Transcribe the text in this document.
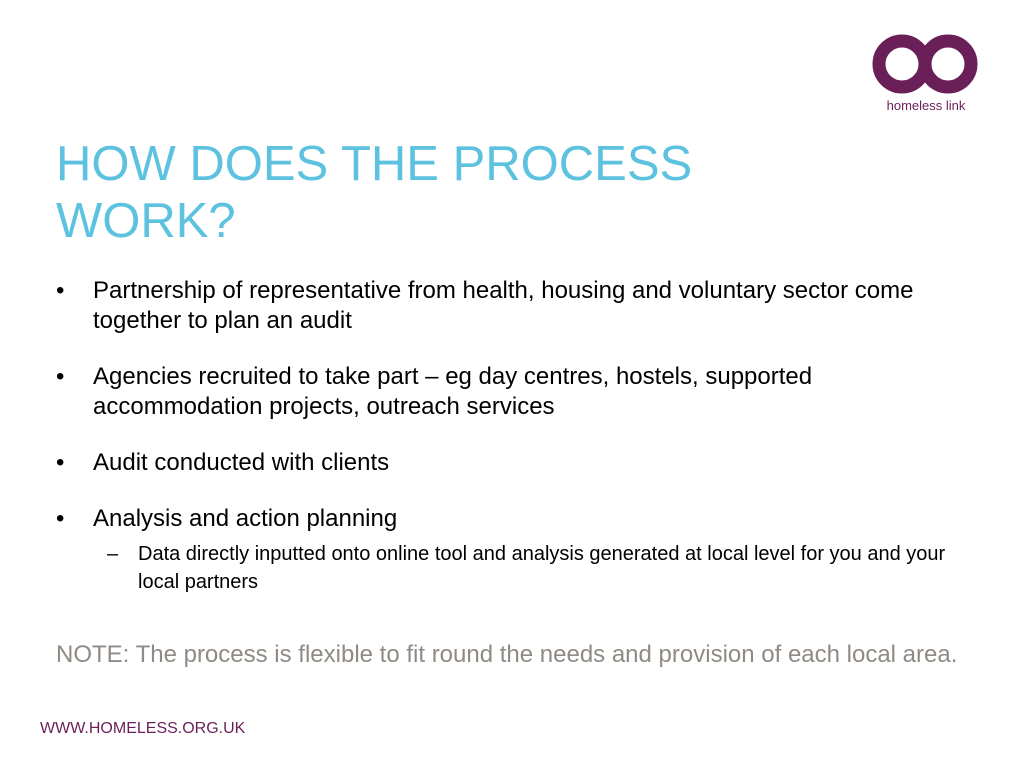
homeless link
HOW DOES THE PROCESS WORK?
• Partnership of representative from health, housing and voluntary sector come together to plan an audit
• Agencies recruited to take part – eg day centres, hostels, supported accommodation projects, outreach services
• Audit conducted with clients
• Analysis and action planning
– Data directly inputted onto online tool and analysis generated at local level for you and your local partners

NOTE: The process is flexible to fit round the needs and provision of each local area.

WWW.HOMELESS.ORG.UK
